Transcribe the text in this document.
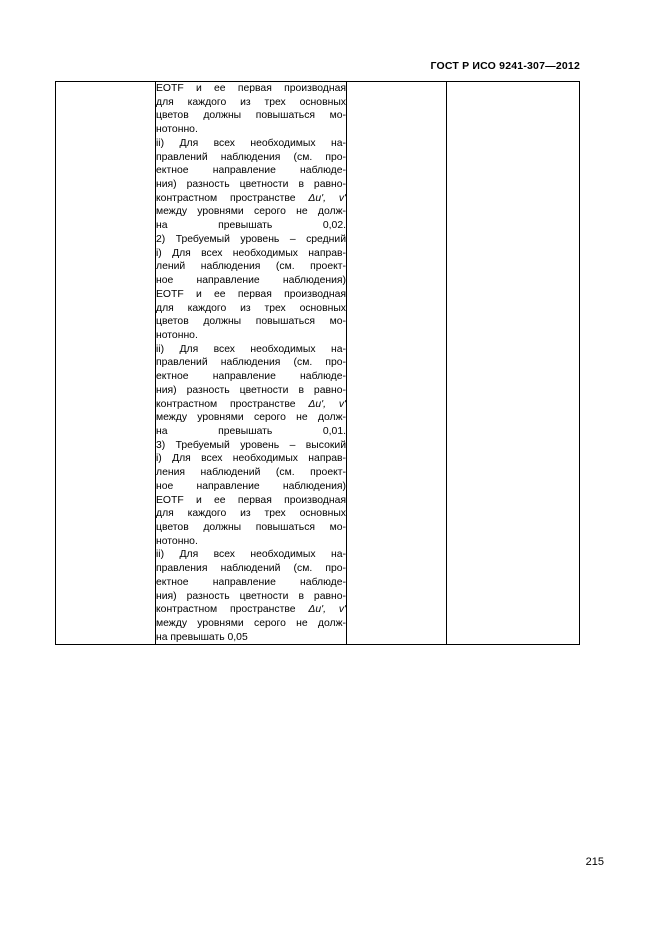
ГОСТ Р ИСО 9241-307—2012

EOTF и ее первая производная
для каждого из трех основных
цветов должны повышаться мо-
нотонно.
ii) Для всех необходимых на-
правлений наблюдения (см. про-
ектное направление наблюде-
ния) разность цветности в равно-
контрастном пространстве Δu', v'
между уровнями серого не долж-
на превышать 0,02.
2) Требуемый уровень – средний
i) Для всех необходимых направ-
лений наблюдения (см. проект-
ное направление наблюдения)
EOTF и ее первая производная
для каждого из трех основных
цветов должны повышаться мо-
нотонно.
ii) Для всех необходимых на-
правлений наблюдения (см. про-
ектное направление наблюде-
ния) разность цветности в равно-
контрастном пространстве Δu', v'
между уровнями серого не долж-
на превышать 0,01.
3) Требуемый уровень – высокий
i) Для всех необходимых направ-
ления наблюдений (см. проект-
ное направление наблюдения)
EOTF и ее первая производная
для каждого из трех основных
цветов должны повышаться мо-
нотонно.
ii) Для всех необходимых на-
правления наблюдений (см. про-
ектное направление наблюде-
ния) разность цветности в равно-
контрастном пространстве Δu', v'
между уровнями серого не долж-
на превышать 0,05

215
